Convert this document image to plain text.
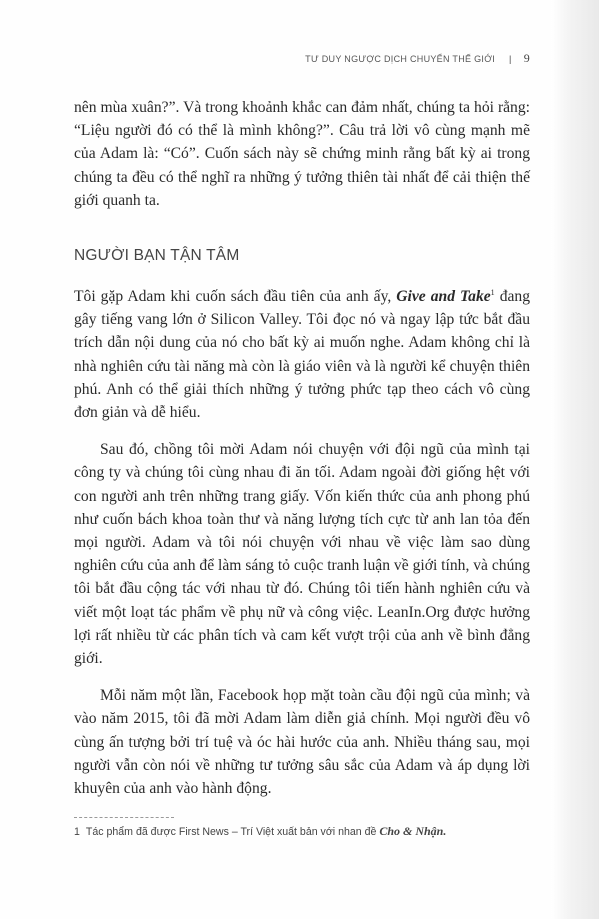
TƯ DUY NGƯỢC DỊCH CHUYỂN THẾ GIỚI | 9

nên mùa xuân?”. Và trong khoảnh khắc can đảm nhất, chúng ta hỏi rằng: “Liệu người đó có thể là mình không?”. Câu trả lời vô cùng mạnh mẽ của Adam là: “Có”. Cuốn sách này sẽ chứng minh rằng bất kỳ ai trong chúng ta đều có thể nghĩ ra những ý tưởng thiên tài nhất để cải thiện thế giới quanh ta.

NGƯỜI BẠN TẬN TÂM

Tôi gặp Adam khi cuốn sách đầu tiên của anh ấy, Give and Take$^1$ đang gây tiếng vang lớn ở Silicon Valley. Tôi đọc nó và ngay lập tức bắt đầu trích dẫn nội dung của nó cho bất kỳ ai muốn nghe. Adam không chỉ là nhà nghiên cứu tài năng mà còn là giáo viên và là người kể chuyện thiên phú. Anh có thể giải thích những ý tưởng phức tạp theo cách vô cùng đơn giản và dễ hiểu.

Sau đó, chồng tôi mời Adam nói chuyện với đội ngũ của mình tại công ty và chúng tôi cùng nhau đi ăn tối. Adam ngoài đời giống hệt với con người anh trên những trang giấy. Vốn kiến thức của anh phong phú như cuốn bách khoa toàn thư và năng lượng tích cực từ anh lan tỏa đến mọi người. Adam và tôi nói chuyện với nhau về việc làm sao dùng nghiên cứu của anh để làm sáng tỏ cuộc tranh luận về giới tính, và chúng tôi bắt đầu cộng tác với nhau từ đó. Chúng tôi tiến hành nghiên cứu và viết một loạt tác phẩm về phụ nữ và công việc. LeanIn.Org được hưởng lợi rất nhiều từ các phân tích và cam kết vượt trội của anh về bình đẳng giới.

Mỗi năm một lần, Facebook họp mặt toàn cầu đội ngũ của mình; và vào năm 2015, tôi đã mời Adam làm diễn giả chính. Mọi người đều vô cùng ấn tượng bởi trí tuệ và óc hài hước của anh. Nhiều tháng sau, mọi người vẫn còn nói về những tư tưởng sâu sắc của Adam và áp dụng lời khuyên của anh vào hành động.

1 Tác phẩm đã được First News – Trí Việt xuất bản với nhan đề Cho & Nhận.
